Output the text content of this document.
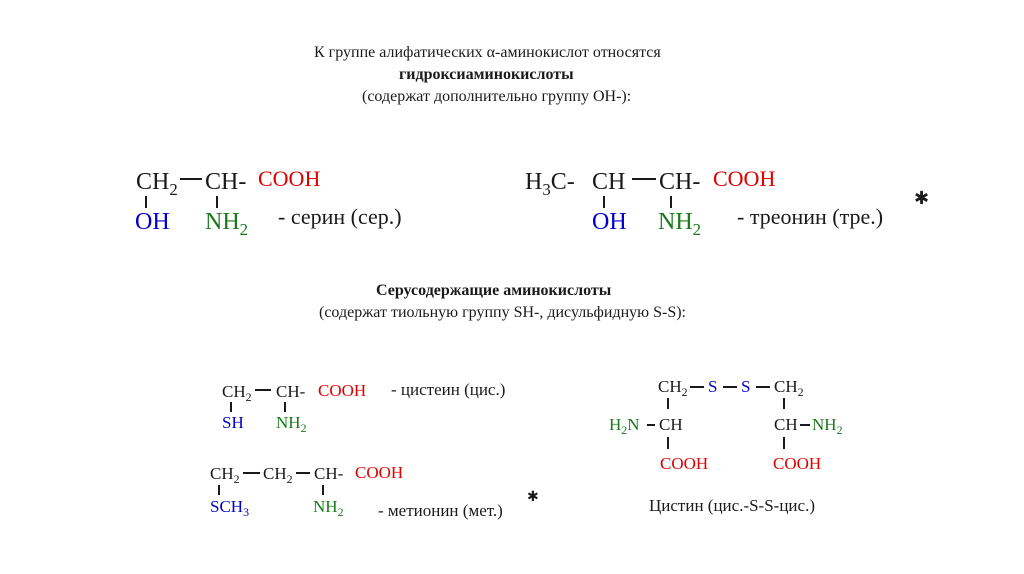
К группе алифатических α-аминокислот относятся
гидроксиаминокислоты
(содержат дополнительно группу ОН-):
$CH_2$ CH- COOH
OH $NH_2$
- серин (сер.)
$H_3C-$ CH CH- COOH
OH $NH_2$
- треонин (тре.)
✱
Серусодержащие аминокислоты
(содержат тиольную группу SH-, дисульфидную S-S):
$CH_2$ CH- COOH
SH $NH_2$
- цистеин (цис.)
$CH_2$ $CH_2$ CH- COOH
$SCH_3$	$NH_2$ - метионин (мет.)
✱
$CH_2$ S S $CH_2$
$H_2N$ CH	CH $NH_2$
COOH	COOH
Цистин (цис.-S-S-цис.)
